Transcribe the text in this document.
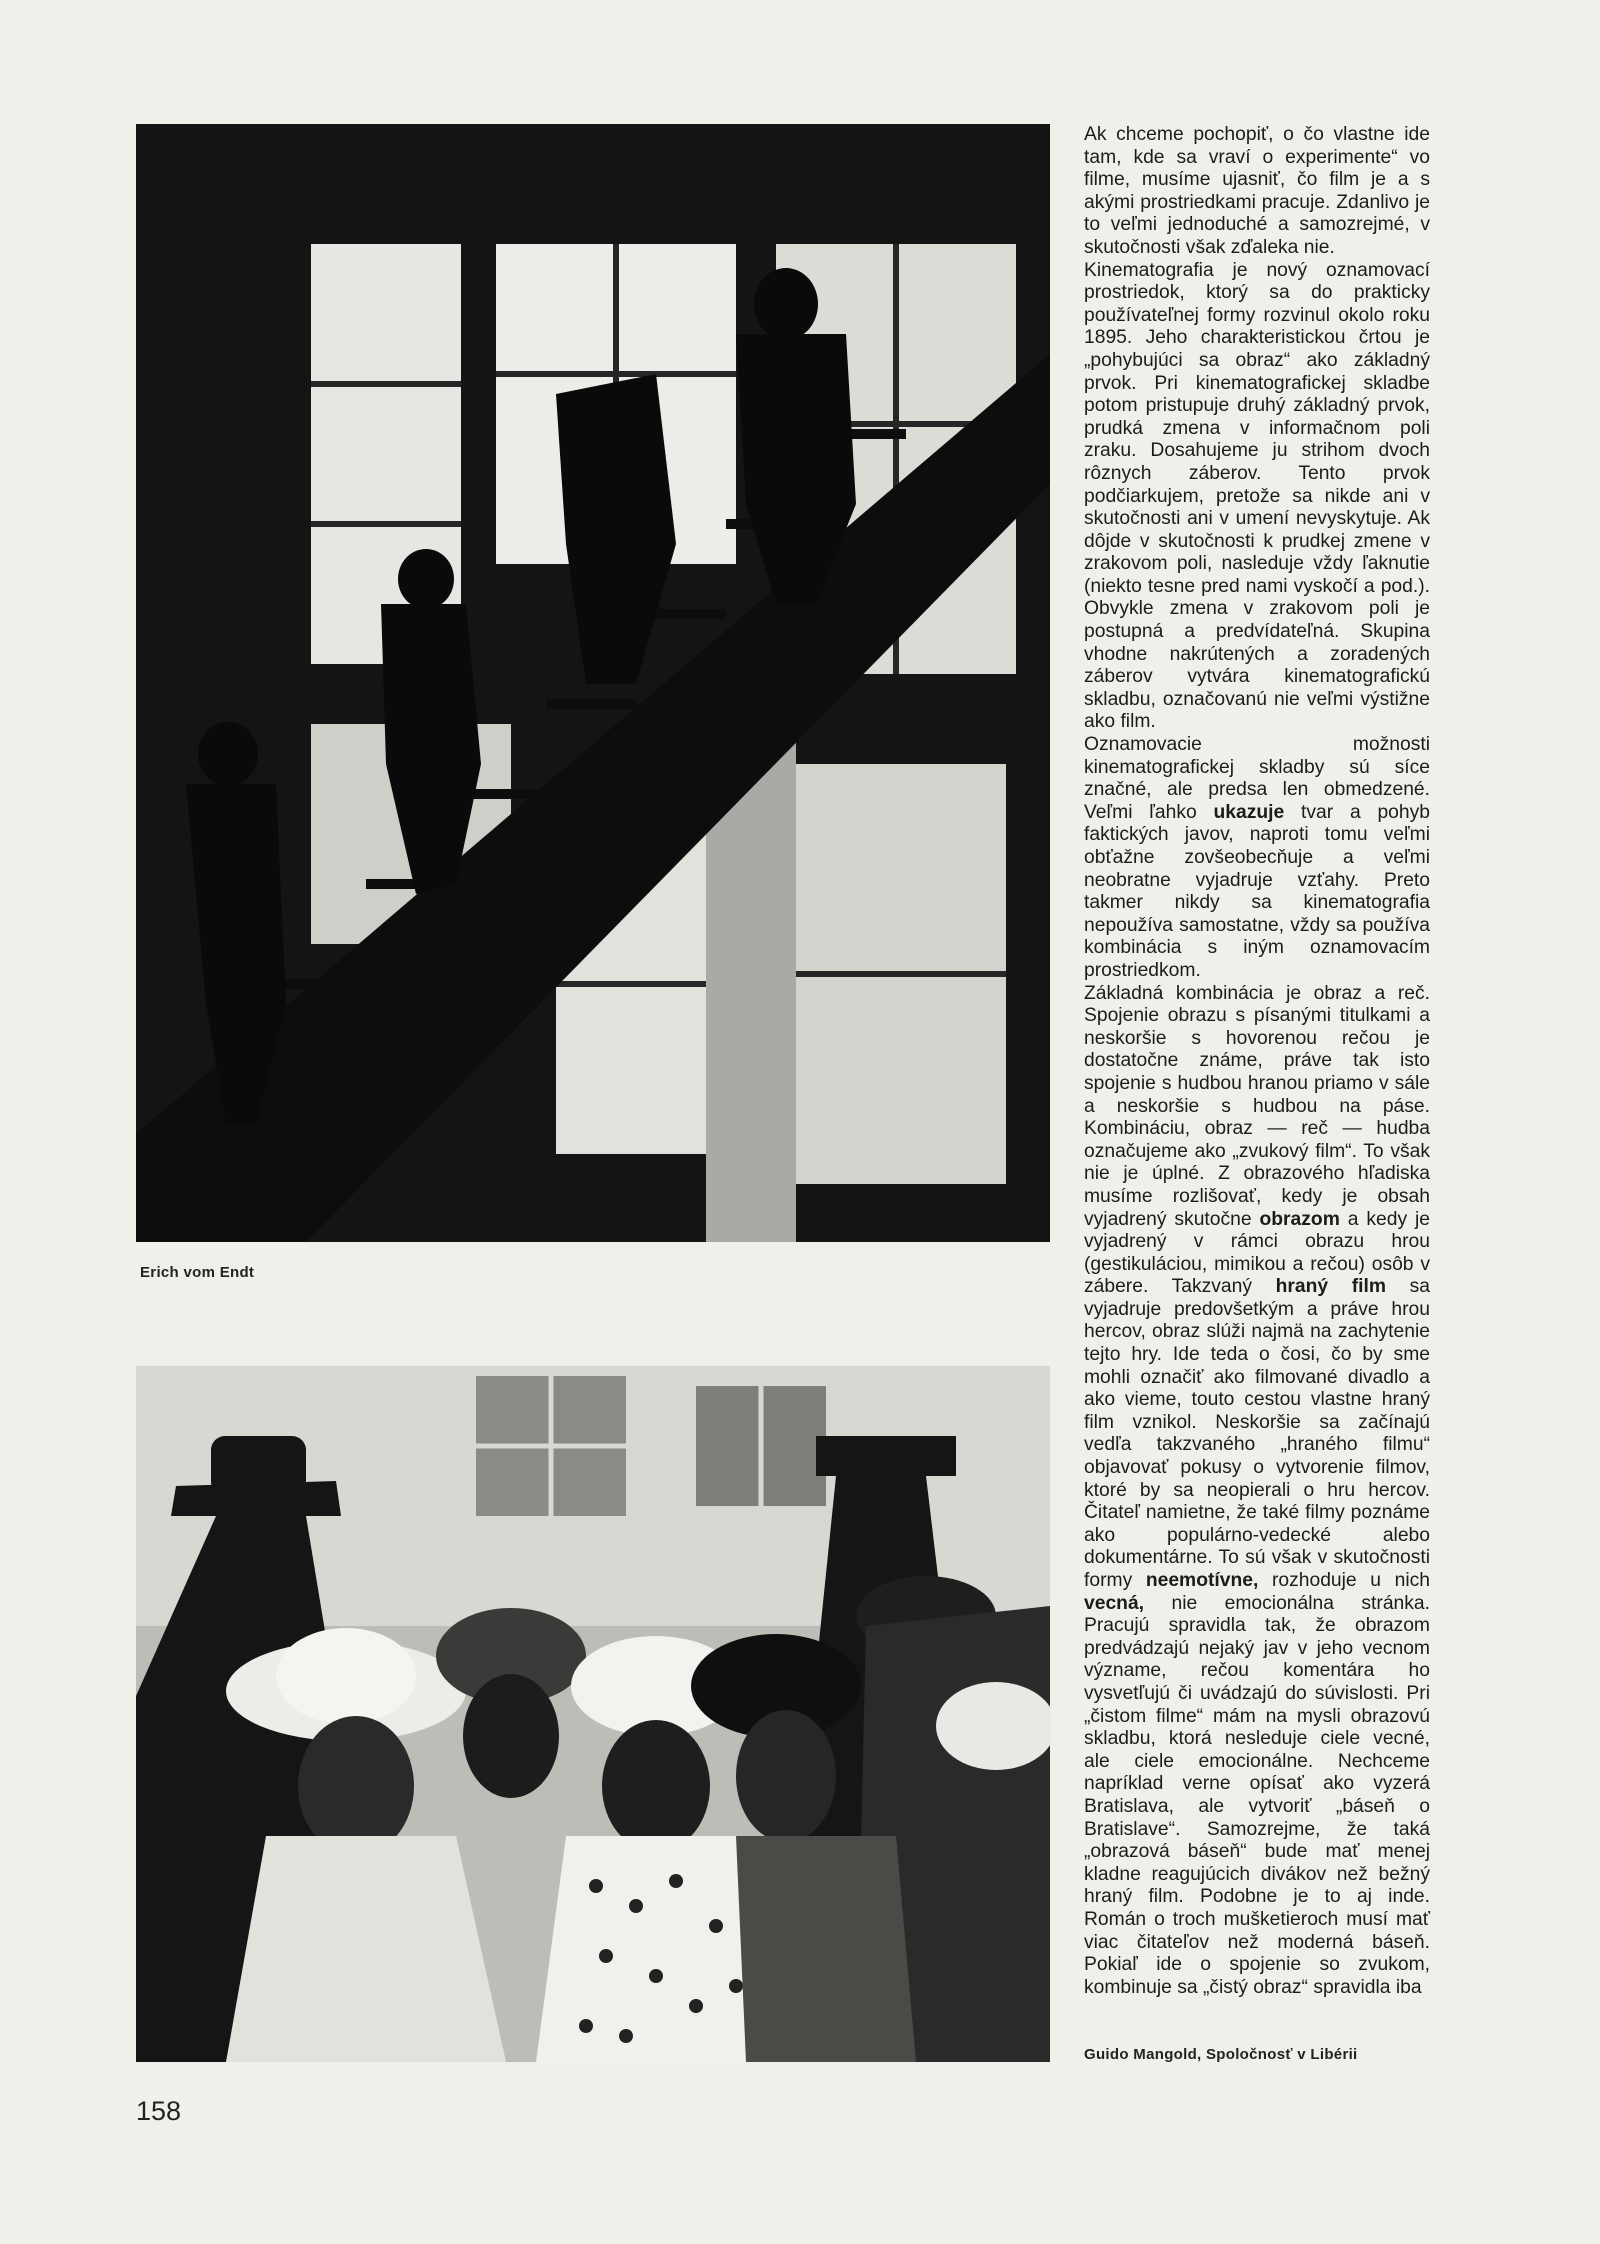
Erich vom Endt
Guido Mangold, Spoločnosť v Libérii

Ak chceme pochopiť, o čo vlastne ide tam, kde sa vraví o experimente“ vo filme, musíme ujasniť, čo film je a s akými prostriedkami pracuje. Zdanlivo je to veľmi jednoduché a samozrejmé, v skutočnosti však zďaleka nie.

Kinematografia je nový oznamovací prostriedok, ktorý sa do prakticky používateľnej formy rozvinul okolo roku 1895. Jeho charakteristickou črtou je „pohybujúci sa obraz“ ako základný prvok. Pri kinematografickej skladbe potom pristupuje druhý základný prvok, prudká zmena v informačnom poli zraku. Dosahujeme ju strihom dvoch rôznych záberov. Tento prvok podčiarkujem, pretože sa nikde ani v skutočnosti ani v umení nevyskytuje. Ak dôjde v skutočnosti k prudkej zmene v zrakovom poli, nasleduje vždy ľaknutie (niekto tesne pred nami vyskočí a pod.). Obvykle zmena v zrakovom poli je postupná a predvídateľná. Skupina vhodne nakrútených a zoradených záberov vytvára kinematografickú skladbu, označovanú nie veľmi výstižne ako film.

Oznamovacie možnosti kinematografickej skladby sú síce značné, ale predsa len obmedzené. Veľmi ľahko ukazuje tvar a pohyb faktických javov, naproti tomu veľmi obťažne zovšeobecňuje a veľmi neobratne vyjadruje vzťahy. Preto takmer nikdy sa kinematografia nepoužíva samostatne, vždy sa používa kombinácia s iným oznamovacím prostriedkom.

Základná kombinácia je obraz a reč. Spojenie obrazu s písanými titulkami a neskoršie s hovorenou rečou je dostatočne známe, práve tak isto spojenie s hudbou hranou priamo v sále a neskoršie s hudbou na páse. Kombináciu, obraz — reč — hudba označujeme ako „zvukový film“. To však nie je úplné. Z obrazového hľadiska musíme rozlišovať, kedy je obsah vyjadrený skutočne obrazom a kedy je vyjadrený v rámci obrazu hrou (gestikuláciou, mimikou a rečou) osôb v zábere. Takzvaný hraný film sa vyjadruje predovšetkým a práve hrou hercov, obraz slúži najmä na zachytenie tejto hry. Ide teda o čosi, čo by sme mohli označiť ako filmované divadlo a ako vieme, touto cestou vlastne hraný film vznikol. Neskoršie sa začínajú vedľa takzvaného „hraného filmu“ objavovať pokusy o vytvorenie filmov, ktoré by sa neopierali o hru hercov. Čitateľ namietne, že také filmy poznáme ako populárno-vedecké alebo dokumentárne. To sú však v skutočnosti formy neemotívne, rozhoduje u nich vecná, nie emocionálna stránka. Pracujú spravidla tak, že obrazom predvádzajú nejaký jav v jeho vecnom význame, rečou komentára ho vysvetľujú či uvádzajú do súvislosti. Pri „čistom filme“ mám na mysli obrazovú skladbu, ktorá nesleduje ciele vecné, ale ciele emocionálne. Nechceme napríklad verne opísať ako vyzerá Bratislava, ale vytvoriť „báseň o Bratislave“. Samozrejme, že taká „obrazová báseň“ bude mať menej kladne reagujúcich divákov než bežný hraný film. Podobne je to aj inde. Román o troch mušketieroch musí mať viac čitateľov než moderná báseň. Pokiaľ ide o spojenie so zvukom, kombinuje sa „čistý obraz“ spravidla iba

158
